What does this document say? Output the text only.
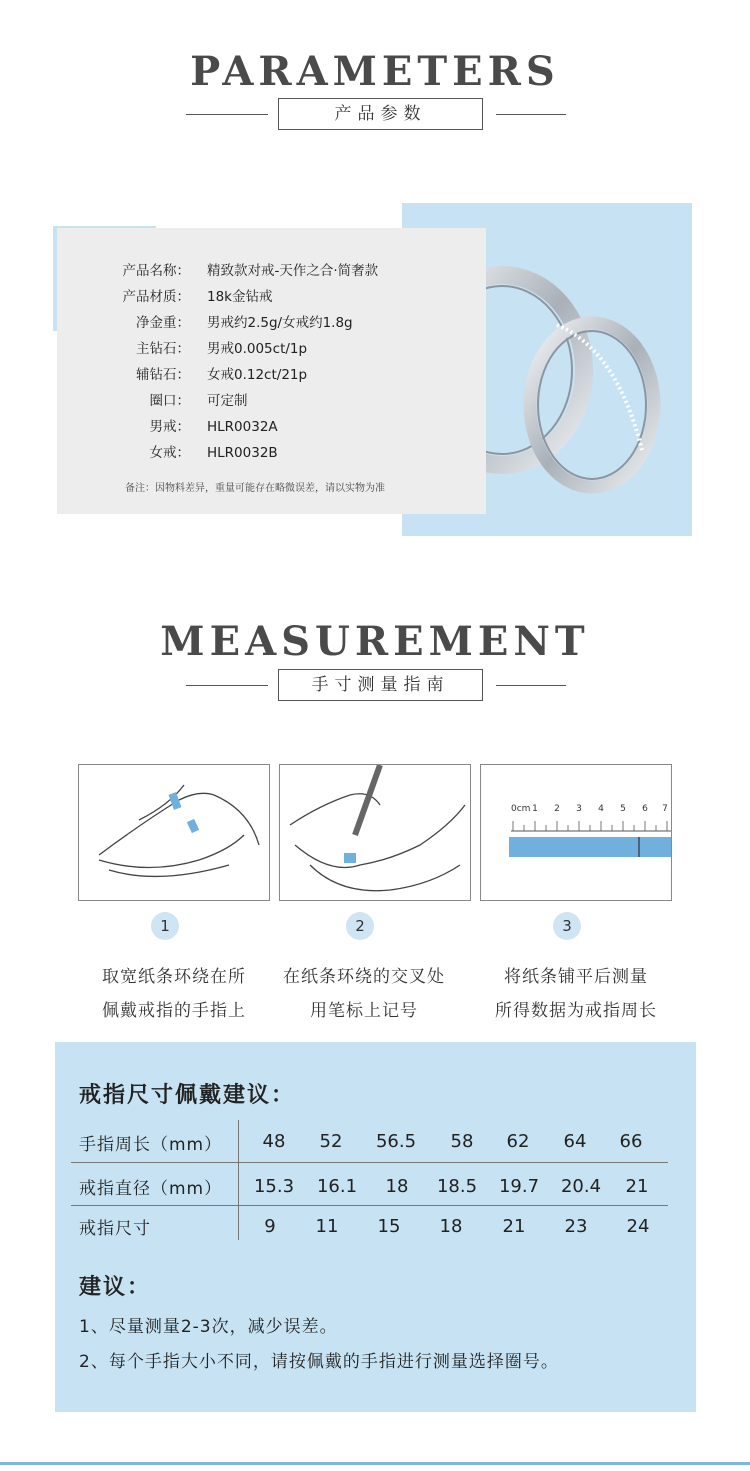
PARAMETERS
产品参数
产品名称： 精致款对戒-天作之合·简奢款
产品材质： 18k金钻戒
净金重： 男戒约2.5g/女戒约1.8g
主钻石： 男戒0.005ct/1p
辅钻石： 女戒0.12ct/21p
圈口： 可定制
男戒： HLR0032A
女戒： HLR0032B
备注：因物料差异，重量可能存在略微误差，请以实物为准
MEASUREMENT
手寸测量指南
0cm 1 2 3 4 5 6 7
1	2	3
取宽纸条环绕在所
佩戴戒指的手指上
在纸条环绕的交叉处
用笔标上记号
将纸条铺平后测量
所得数据为戒指周长
戒指尺寸佩戴建议：
手指周长（mm）	48	52	56.5	58	62	64	66
戒指直径（mm）	15.3	16.1	18	18.5	19.7	20.4	21
戒指尺寸	9	11	15	18	21	23	24
建议：
1、尽量测量2-3次，减少误差。
2、每个手指大小不同，请按佩戴的手指进行测量选择圈号。
